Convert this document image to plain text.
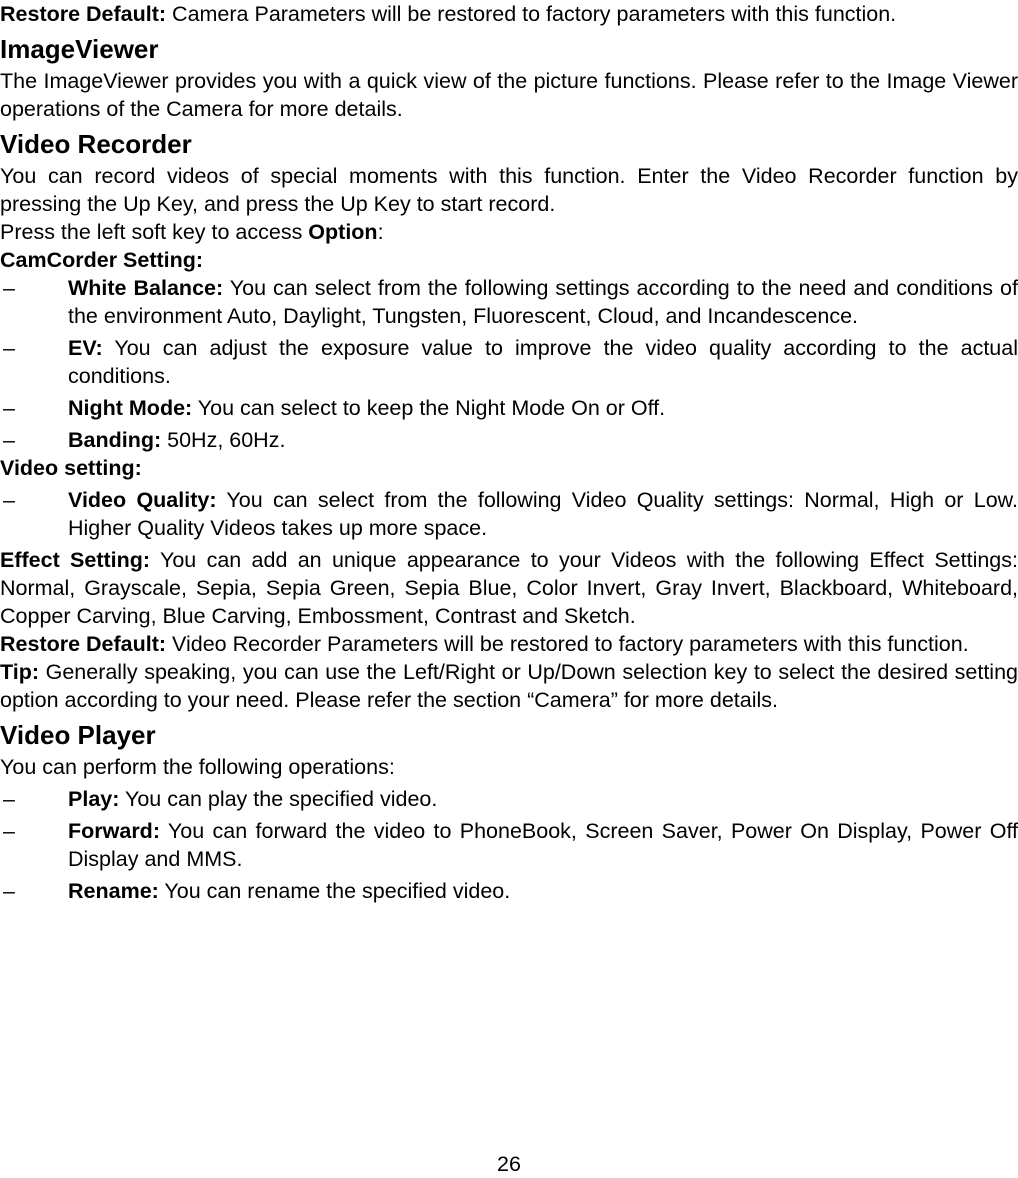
Restore Default: Camera Parameters will be restored to factory parameters with this function.

ImageViewer

The ImageViewer provides you with a quick view of the picture functions. Please refer to the Image Viewer operations of the Camera for more details.

Video Recorder

You can record videos of special moments with this function. Enter the Video Recorder function by pressing the Up Key, and press the Up Key to start record.

Press the left soft key to access Option:

CamCorder Setting:

– White Balance: You can select from the following settings according to the need and conditions of the environment Auto, Daylight, Tungsten, Fluorescent, Cloud, and Incandescence.

– EV: You can adjust the exposure value to improve the video quality according to the actual conditions.

– Night Mode: You can select to keep the Night Mode On or Off.

– Banding: 50Hz, 60Hz.

Video setting:

– Video Quality: You can select from the following Video Quality settings: Normal, High or Low. Higher Quality Videos takes up more space.

Effect Setting: You can add an unique appearance to your Videos with the following Effect Settings: Normal, Grayscale, Sepia, Sepia Green, Sepia Blue, Color Invert, Gray Invert, Blackboard, Whiteboard, Copper Carving, Blue Carving, Embossment, Contrast and Sketch.

Restore Default: Video Recorder Parameters will be restored to factory parameters with this function.

Tip: Generally speaking, you can use the Left/Right or Up/Down selection key to select the desired setting option according to your need. Please refer the section “Camera” for more details.

Video Player

You can perform the following operations:

– Play: You can play the specified video.

– Forward: You can forward the video to PhoneBook, Screen Saver, Power On Display, Power Off Display and MMS.

– Rename: You can rename the specified video.

26
